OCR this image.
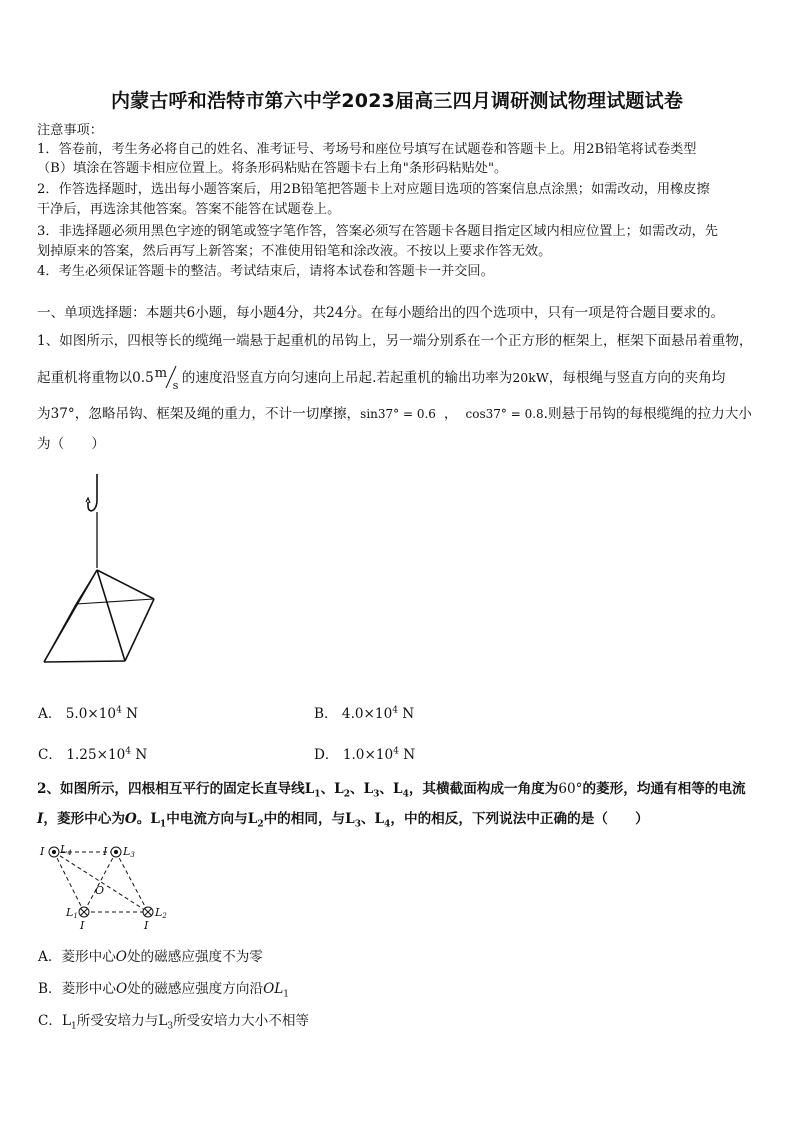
内蒙古呼和浩特市第六中学2023届高三四月调研测试物理试题试卷
注意事项：
1．答卷前，考生务必将自己的姓名、准考证号、考场号和座位号填写在试题卷和答题卡上。用2B铅笔将试卷类型
（B）填涂在答题卡相应位置上。将条形码粘贴在答题卡右上角"条形码粘贴处"。
2．作答选择题时，选出每小题答案后，用2B铅笔把答题卡上对应题目选项的答案信息点涂黑；如需改动，用橡皮擦
干净后，再选涂其他答案。答案不能答在试题卷上。
3．非选择题必须用黑色字迹的钢笔或签字笔作答，答案必须写在答题卡各题目指定区域内相应位置上；如需改动，先
划掉原来的答案，然后再写上新答案；不准使用铅笔和涂改液。不按以上要求作答无效。
4．考生必须保证答题卡的整洁。考试结束后，请将本试卷和答题卡一并交回。
一、单项选择题：本题共6小题，每小题4分，共24分。在每小题给出的四个选项中，只有一项是符合题目要求的。
1、如图所示，四根等长的缆绳一端悬于起重机的吊钩上，另一端分别系在一个正方形的框架上，框架下面悬吊着重物，
起重机将重物以0.5 m
s 的速度沿竖直方向匀速向上吊起.若起重机的输出功率为20kW，每根绳与竖直方向的夹角均
为37°，忽略吊钩、框架及绳的重力，不计一切摩擦，sin37° = 0.6 ， cos37° = 0.8.则悬于吊钩的每根缆绳的拉力大小
为（　　）
A． $5.0\times 10^4$ N	B． $4.0\times 10^4$ N
C． $1.25\times 10^4$ N	D． $1.0\times 10^4$ N
2、如图所示，四根相互平行的固定长直导线$L_1$、$L_2$、$L_3$、$L_4$，其横截面构成一角度为60°的菱形，均通有相等的电流
I，菱形中心为O。$L_1$中电流方向与$L_2$中的相同，与$L_3$、$L_4$，中的相反，下列说法中正确的是（　　）
I L4	I L3
O
L1
I
L2
I
A．菱形中心O处的磁感应强度不为零
B．菱形中心O处的磁感应强度方向沿$OL_1$
C．$L_1$所受安培力与$L_3$所受安培力大小不相等
